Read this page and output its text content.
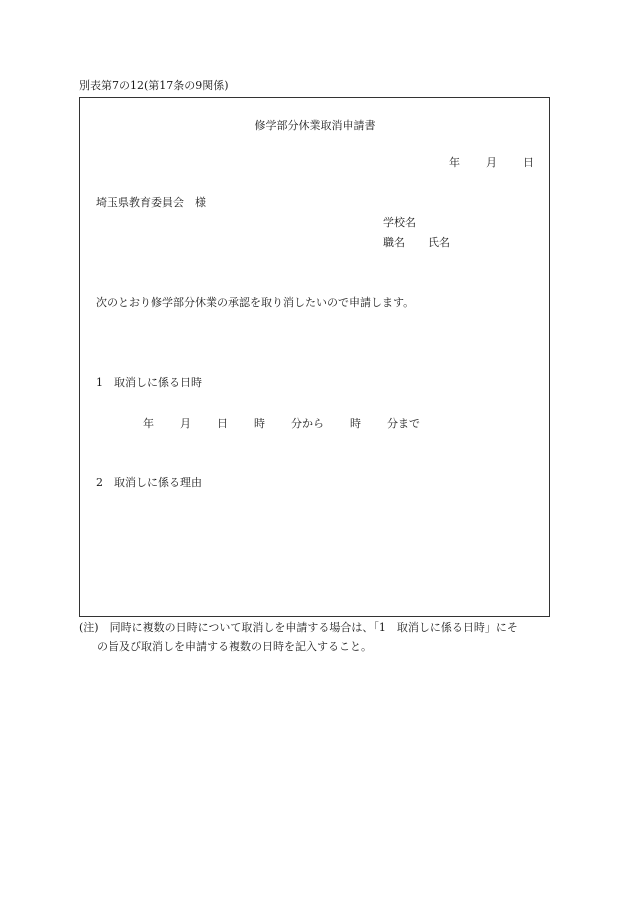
別表第7の12(第17条の9関係)
修学部分休業取消申請書
年 月 日
埼玉県教育委員会　様
学校名
職名 氏名
次のとおり修学部分休業の承認を取り消したいので申請します。
1　取消しに係る日時
年 月 日 時 分から 時 分まで
2　取消しに係る理由
(注)　同時に複数の日時について取消しを申請する場合は、「1　取消しに係る日時」にそ
の旨及び取消しを申請する複数の日時を記入すること。
